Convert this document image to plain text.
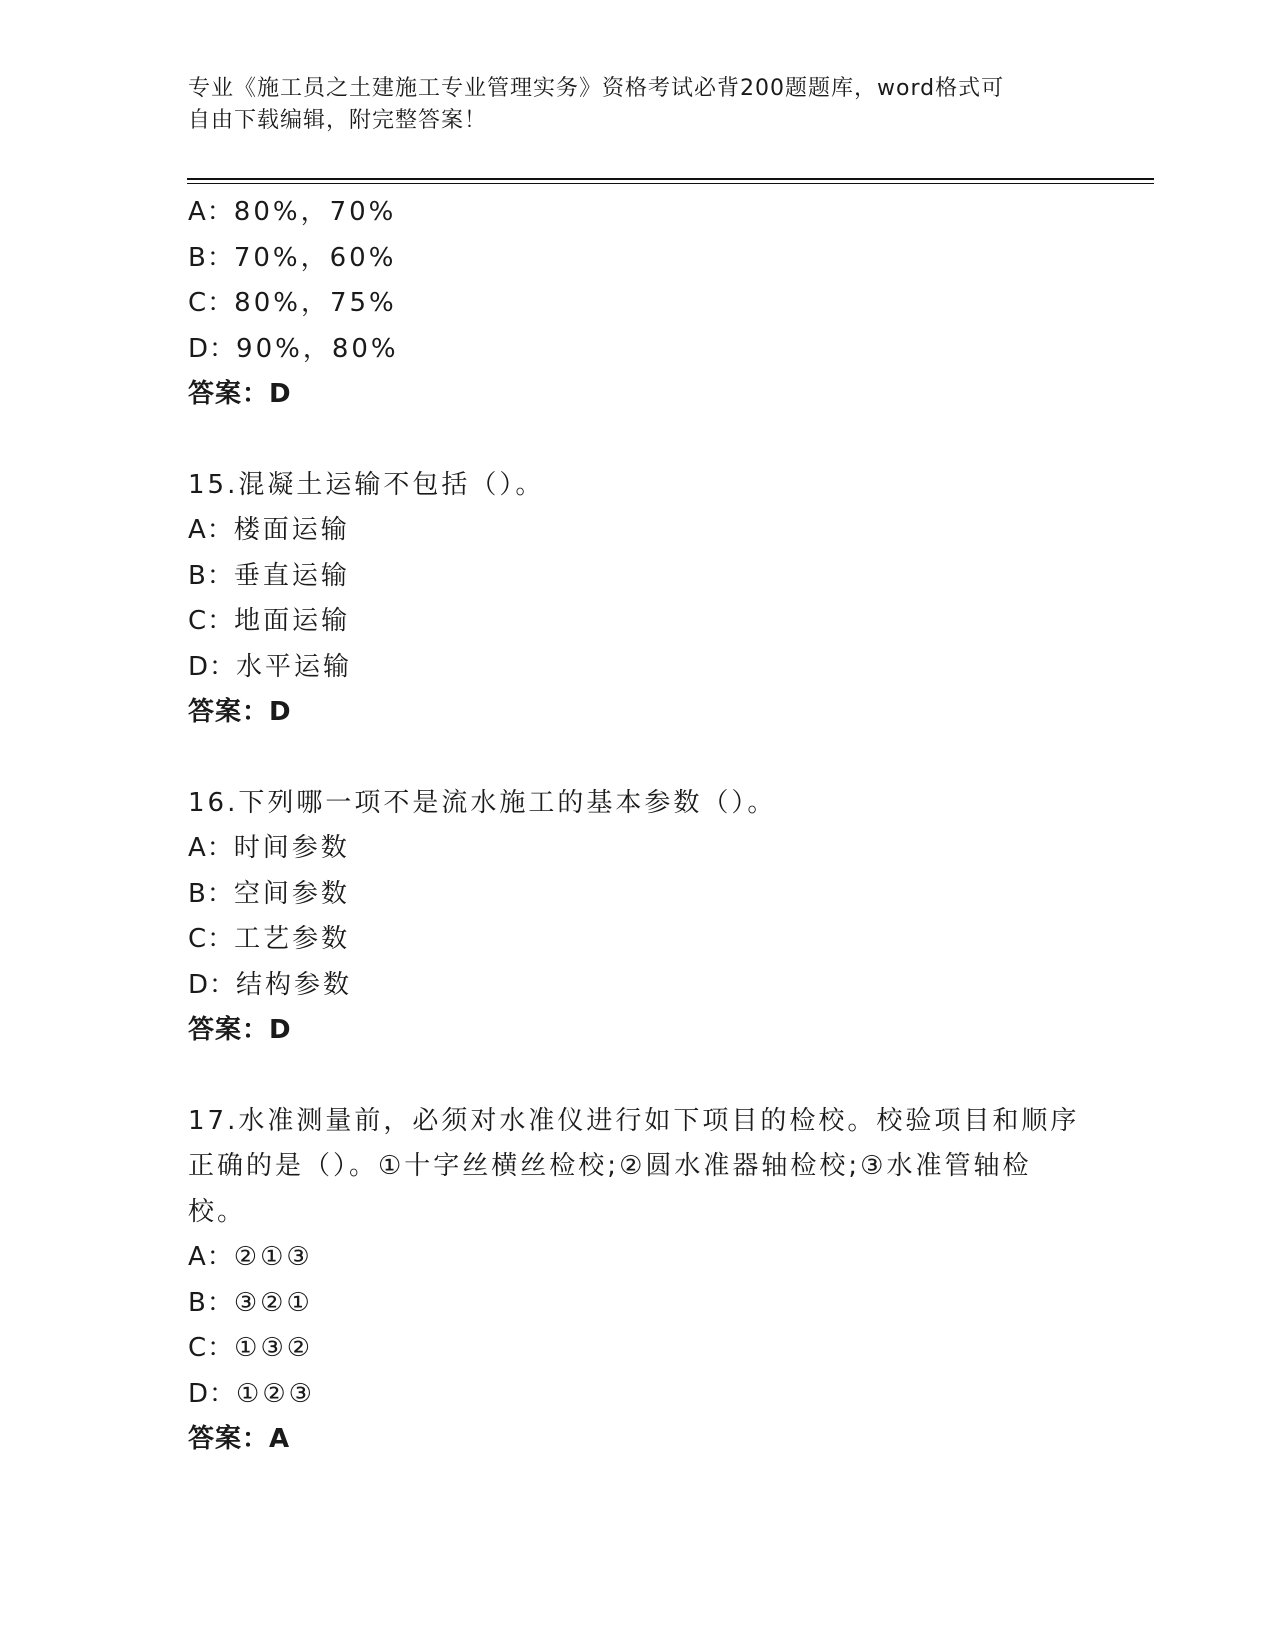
专业《施工员之土建施工专业管理实务》资格考试必背200题题库，word格式可
自由下载编辑，附完整答案！
A：80%，70%
B：70%，60%
C：80%，75%
D：90%，80%
答案：D
15.混凝土运输不包括（）。
A：楼面运输
B：垂直运输
C：地面运输
D：水平运输
答案：D
16.下列哪一项不是流水施工的基本参数（）。
A：时间参数
B：空间参数
C：工艺参数
D：结构参数
答案：D
17.水准测量前，必须对水准仪进行如下项目的检校。校验项目和顺序
正确的是（）。①十字丝横丝检校;②圆水准器轴检校;③水准管轴检
校。
A：②①③
B：③②①
C：①③②
D：①②③
答案：A
